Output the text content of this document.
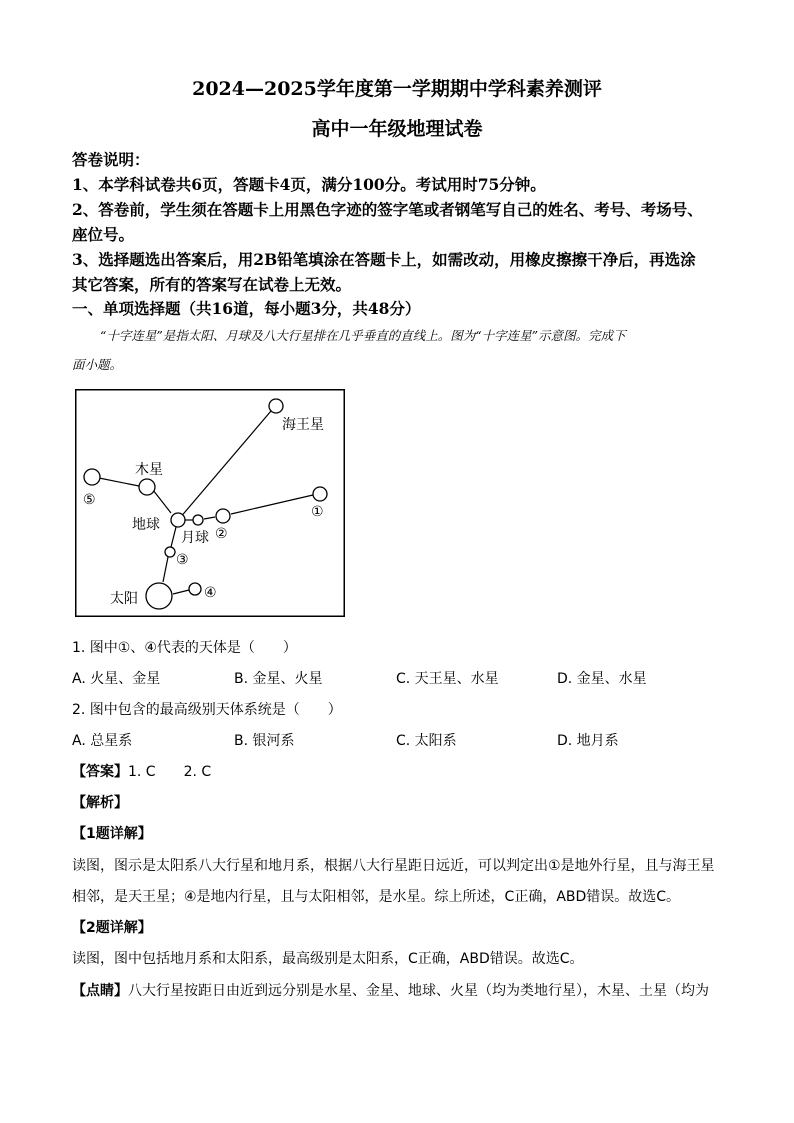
2024—2025学年度第一学期期中学科素养测评
高中一年级地理试卷
答卷说明：
1、本学科试卷共6页，答题卡4页，满分100分。考试用时75分钟。
2、答卷前，学生须在答题卡上用黑色字迹的签字笔或者钢笔写自己的姓名、考号、考场号、
座位号。
3、选择题选出答案后，用2B铅笔填涂在答题卡上，如需改动，用橡皮擦擦干净后，再选涂
其它答案，所有的答案写在试卷上无效。
一、单项选择题（共16道，每小题3分，共48分）
“十字连星”是指太阳、月球及八大行星排在几乎垂直的直线上。图为“十字连星”示意图。完成下
面小题。
海王星
木星
地球
月球
太阳
①
②
③
④
⑤
1. 图中①、④代表的天体是（　　）
A. 火星、金星	B. 金星、火星	C. 天王星、水星	D. 金星、水星
2. 图中包含的最高级别天体系统是（　　）
A. 总星系	B. 银河系	C. 太阳系	D. 地月系
【答案】1. C　　2. C
【解析】
【1题详解】
读图，图示是太阳系八大行星和地月系，根据八大行星距日远近，可以判定出①是地外行星，且与海王星
相邻，是天王星；④是地内行星，且与太阳相邻，是水星。综上所述，C正确，ABD错误。故选C。
【2题详解】
读图，图中包括地月系和太阳系，最高级别是太阳系，C正确，ABD错误。故选C。
【点睛】八大行星按距日由近到远分别是水星、金星、地球、火星（均为类地行星），木星、土星（均为
